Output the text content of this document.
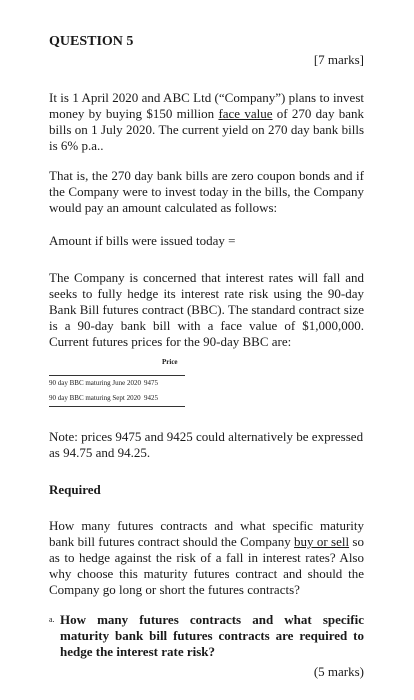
QUESTION 5
[7 marks]
It is 1 April 2020 and ABC Ltd (“Company”) plans to invest money by buying $150 million face value of 270 day bank bills on 1 July 2020. The current yield on 270 day bank bills is 6% p.a..
That is, the 270 day bank bills are zero coupon bonds and if the Company were to invest today in the bills, the Company would pay an amount calculated as follows:
Amount if bills were issued today =
The Company is concerned that interest rates will fall and seeks to fully hedge its interest rate risk using the 90-day Bank Bill futures contract (BBC). The standard contract size is a 90-day bank bill with a face value of $1,000,000. Current futures prices for the 90-day BBC are:
Price
90 day BBC maturing June 2020	9475
90 day BBC maturing Sept 2020	9425
Note: prices 9475 and 9425 could alternatively be expressed as 94.75 and 94.25.
Required
How many futures contracts and what specific maturity bank bill futures contract should the Company buy or sell so as to hedge against the risk of a fall in interest rates? Also why choose this maturity futures contract and should the Company go long or short the futures contracts?
a. How many futures contracts and what specific maturity bank bill futures contracts are required to hedge the interest rate risk?
(5 marks)
